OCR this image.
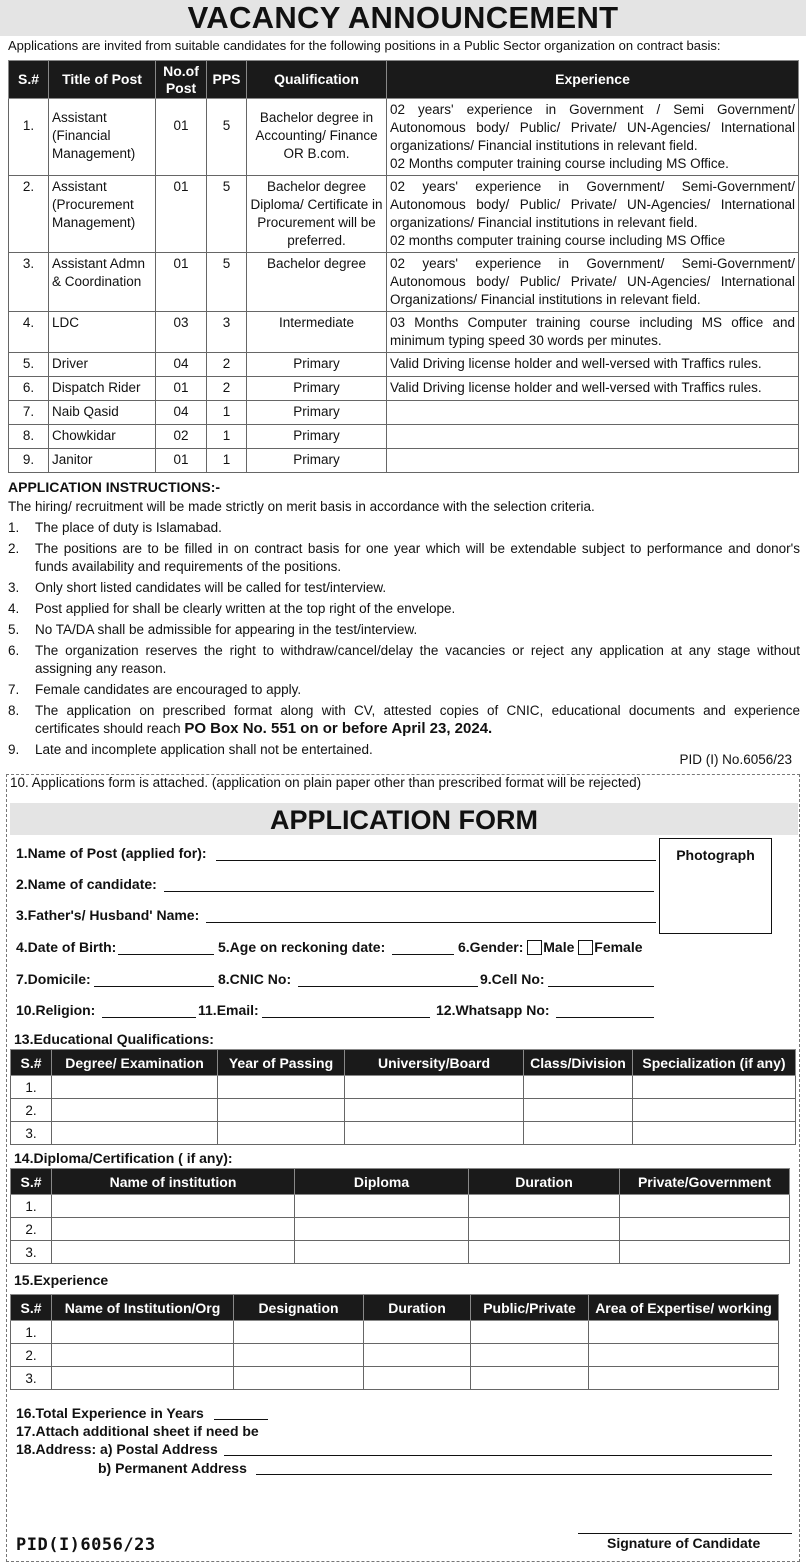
VACANCY ANNOUNCEMENT
Applications are invited from suitable candidates for the following positions in a Public Sector organization on contract basis:
S.#	Title of Post	No.of Post	PPS	Qualification	Experience
1.	Assistant (Financial Management)	01	5	Bachelor degree in Accounting/ Finance OR B.com.	02 years' experience in Government / Semi Government/ Autonomous body/ Public/ Private/ UN-Agencies/ International organizations/ Financial institutions in relevant field.
02 Months computer training course including MS Office.

2.	Assistant (Procurement Management)	01	5	Bachelor degree Diploma/ Certificate in Procurement will be preferred.	02 years' experience in Government/ Semi-Government/ Autonomous body/ Public/ Private/ UN-Agencies/ International organizations/ Financial institutions in relevant field.
02 months computer training course including MS Office

3.	Assistant Admn & Coordination	01	5	Bachelor degree	02 years' experience in Government/ Semi-Government/ Autonomous body/ Public/ Private/ UN-Agencies/ International Organizations/ Financial institutions in relevant field.
4.	LDC	03	3	Intermediate	03 Months Computer training course including MS office and minimum typing speed 30 words per minutes.
5.	Driver	04	2	Primary	Valid Driving license holder and well-versed with Traffics rules.
6.	Dispatch Rider	01	2	Primary	Valid Driving license holder and well-versed with Traffics rules.
7.	Naib Qasid	04	1	Primary	
8.	Chowkidar	02	1	Primary	
9.	Janitor	01	1	Primary	
APPLICATION INSTRUCTIONS:-
The hiring/ recruitment will be made strictly on merit basis in accordance with the selection criteria.
1.	The place of duty is Islamabad.
2.	The positions are to be filled in on contract basis for one year which will be extendable subject to performance and donor's funds availability and requirements of the positions.
3.	Only short listed candidates will be called for test/interview.
4.	Post applied for shall be clearly written at the top right of the envelope.
5.	No TA/DA shall be admissible for appearing in the test/interview.
6.	The organization reserves the right to withdraw/cancel/delay the vacancies or reject any application at any stage without assigning any reason.
7.	Female candidates are encouraged to apply.
8.	The application on prescribed format along with CV, attested copies of CNIC, educational documents and experience certificates should reach PO Box No. 551 on or before April 23, 2024.
9.	Late and incomplete application shall not be entertained.
PID (I) No.6056/23
10. Applications form is attached. (application on plain paper other than prescribed format will be rejected)
APPLICATION FORM
Photograph
1.Name of Post (applied for):
2.Name of candidate:
3.Father's/ Husband' Name:
4.Date of Birth:	5.Age on reckoning date:	6.Gender: Male Female
7.Domicile:	8.CNIC No:	9.Cell No:
10.Religion:	11.Email:	12.Whatsapp No:
13.Educational Qualifications:
S.#	Degree/ Examination	Year of Passing	University/Board	Class/Division	Specialization (if any)
1.					
2.					
3.					
14.Diploma/Certification ( if any):
S.#	Name of institution	Diploma	Duration	Private/Government
1.				
2.				
3.				
15.Experience
S.#	Name of Institution/Org	Designation	Duration	Public/Private	Area of Expertise/ working
1.					
2.					
3.					
16.Total Experience in Years
17.Attach additional sheet if need be
18.Address: a) Postal Address
b) Permanent Address
PID(I)6056/23	Signature of Candidate
